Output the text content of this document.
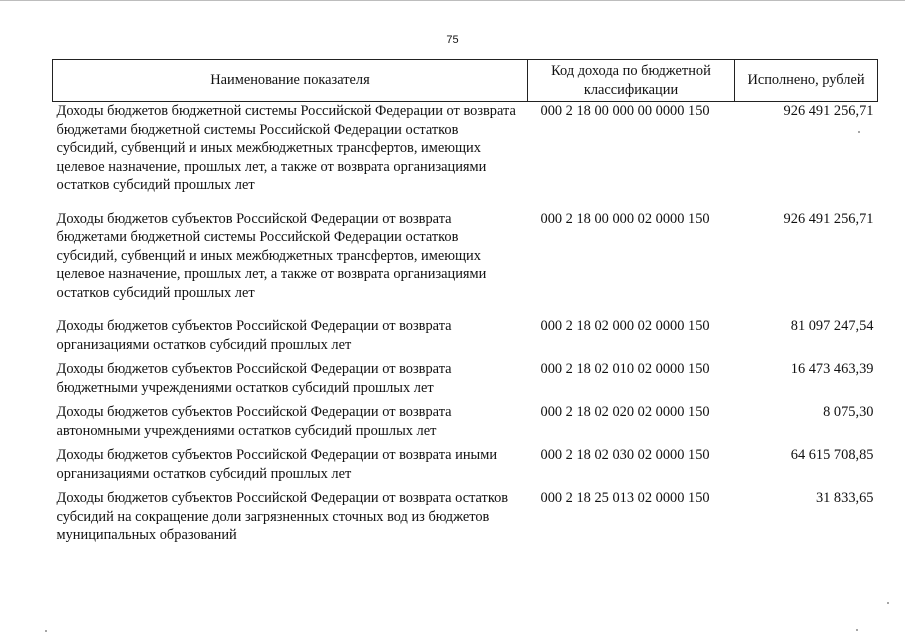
75
Наименование показателя	Код дохода по бюджетной классификации	Исполнено, рублей
Доходы бюджетов бюджетной системы Российской Федерации от возврата бюджетами бюджетной системы Российской Федерации остатков субсидий, субвенций и иных межбюджетных трансфертов, имеющих целевое назначение, прошлых лет, а также от возврата организациями остатков субсидий прошлых лет	000 2 18 00 000 00 0000 150	926 491 256,71
Доходы бюджетов субъектов Российской Федерации от возврата бюджетами бюджетной системы Российской Федерации остатков субсидий, субвенций и иных межбюджетных трансфертов, имеющих целевое назначение, прошлых лет, а также от возврата организациями остатков субсидий прошлых лет	000 2 18 00 000 02 0000 150	926 491 256,71
Доходы бюджетов субъектов Российской Федерации от возврата организациями остатков субсидий прошлых лет	000 2 18 02 000 02 0000 150	81 097 247,54
Доходы бюджетов субъектов Российской Федерации от возврата бюджетными учреждениями остатков субсидий прошлых лет	000 2 18 02 010 02 0000 150	16 473 463,39
Доходы бюджетов субъектов Российской Федерации от возврата автономными учреждениями остатков субсидий прошлых лет	000 2 18 02 020 02 0000 150	8 075,30
Доходы бюджетов субъектов Российской Федерации от возврата иными организациями остатков субсидий прошлых лет	000 2 18 02 030 02 0000 150	64 615 708,85
Доходы бюджетов субъектов Российской Федерации от возврата остатков субсидий на сокращение доли загрязненных сточных вод из бюджетов муниципальных образований	000 2 18 25 013 02 0000 150	31 833,65
